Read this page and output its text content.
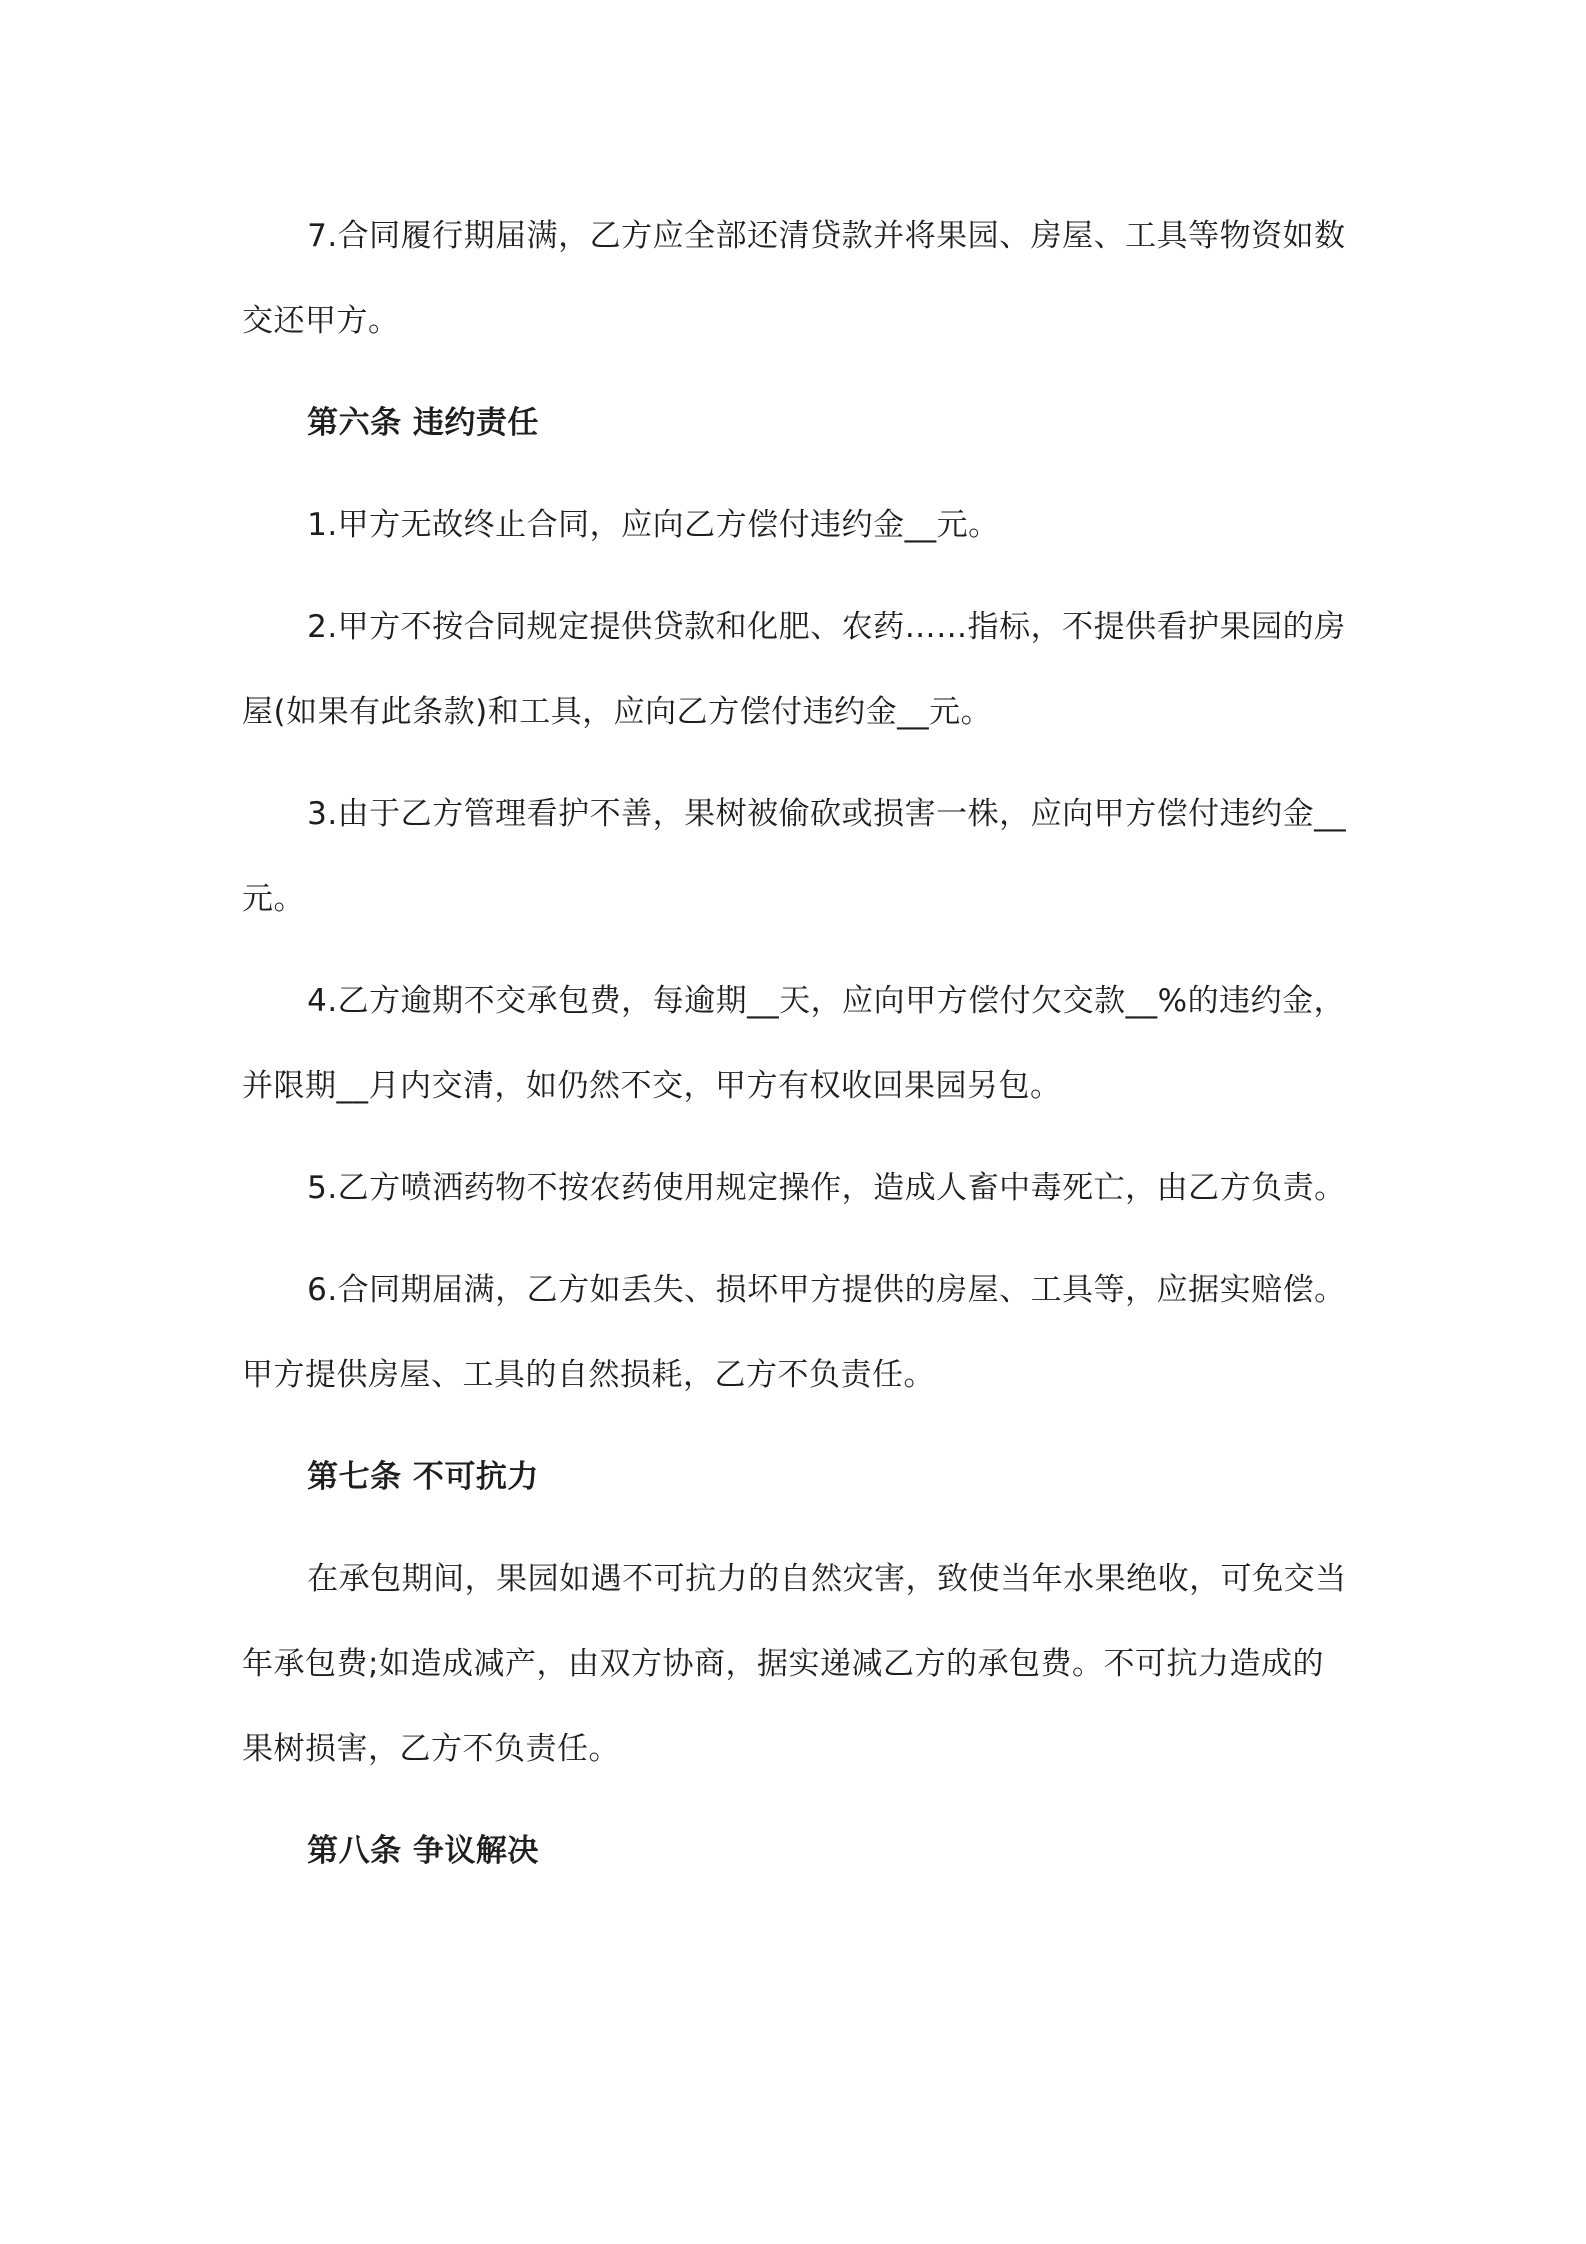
7.合同履行期届满，乙方应全部还清贷款并将果园、房屋、工具等物资如数交还甲方。

第六条 违约责任

1.甲方无故终止合同，应向乙方偿付违约金__元。

2.甲方不按合同规定提供贷款和化肥、农药……指标，不提供看护果园的房屋(如果有此条款)和工具，应向乙方偿付违约金__元。

3.由于乙方管理看护不善，果树被偷砍或损害一株，应向甲方偿付违约金__元。

4.乙方逾期不交承包费，每逾期__天，应向甲方偿付欠交款__%的违约金，并限期__月内交清，如仍然不交，甲方有权收回果园另包。

5.乙方喷洒药物不按农药使用规定操作，造成人畜中毒死亡，由乙方负责。

6.合同期届满，乙方如丢失、损坏甲方提供的房屋、工具等，应据实赔偿。甲方提供房屋、工具的自然损耗，乙方不负责任。

第七条 不可抗力

在承包期间，果园如遇不可抗力的自然灾害，致使当年水果绝收，可免交当年承包费;如造成减产，由双方协商，据实递减乙方的承包费。不可抗力造成的果树损害，乙方不负责任。

第八条 争议解决
